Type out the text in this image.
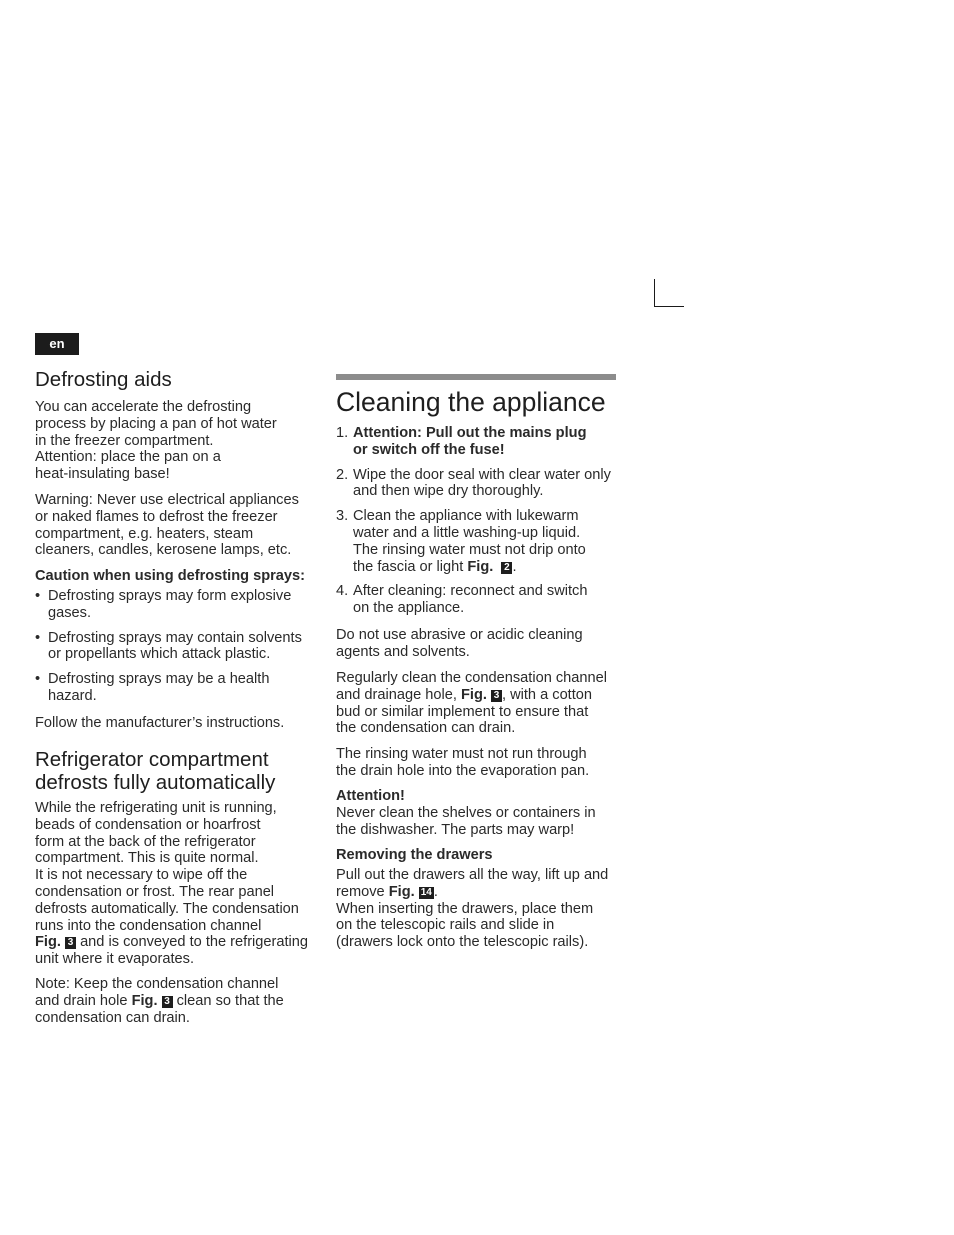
en
Defrosting aids

You can accelerate the defrosting
process by placing a pan of hot water
in the freezer compartment.
Attention: place the pan on a
heat-insulating base!

Warning: Never use electrical appliances
or naked flames to defrost the freezer
compartment, e.g. heaters, steam
cleaners, candles, kerosene lamps, etc.

Caution when using defrosting sprays:

• Defrosting sprays may form explosive
gases.
• Defrosting sprays may contain solvents
or propellants which attack plastic.
• Defrosting sprays may be a health
hazard.

Follow the manufacturer’s instructions.

Refrigerator compartment
defrosts fully automatically

While the refrigerating unit is running,
beads of condensation or hoarfrost
form at the back of the refrigerator
compartment. This is quite normal.
It is not necessary to wipe off the
condensation or frost. The rear panel
defrosts automatically. The condensation
runs into the condensation channel
Fig. 3 and is conveyed to the refrigerating
unit where it evaporates.

Note: Keep the condensation channel
and drain hole Fig. 3 clean so that the
condensation can drain.

Cleaning the appliance
1. Attention: Pull out the mains plug
or switch off the fuse!
2. Wipe the door seal with clear water only
and then wipe dry thoroughly.
3. Clean the appliance with lukewarm
water and a little washing-up liquid.
The rinsing water must not drip onto
the fascia or light Fig. 2 .
4. After cleaning: reconnect and switch
on the appliance.

Do not use abrasive or acidic cleaning
agents and solvents.

Regularly clean the condensation channel
and drainage hole, Fig. 3 , with a cotton
bud or similar implement to ensure that
the condensation can drain.

The rinsing water must not run through
the drain hole into the evaporation pan.

Attention!
Never clean the shelves or containers in
the dishwasher. The parts may warp!

Removing the drawers

Pull out the drawers all the way, lift up and
remove Fig. 14 .
When inserting the drawers, place them
on the telescopic rails and slide in
(drawers lock onto the telescopic rails).
